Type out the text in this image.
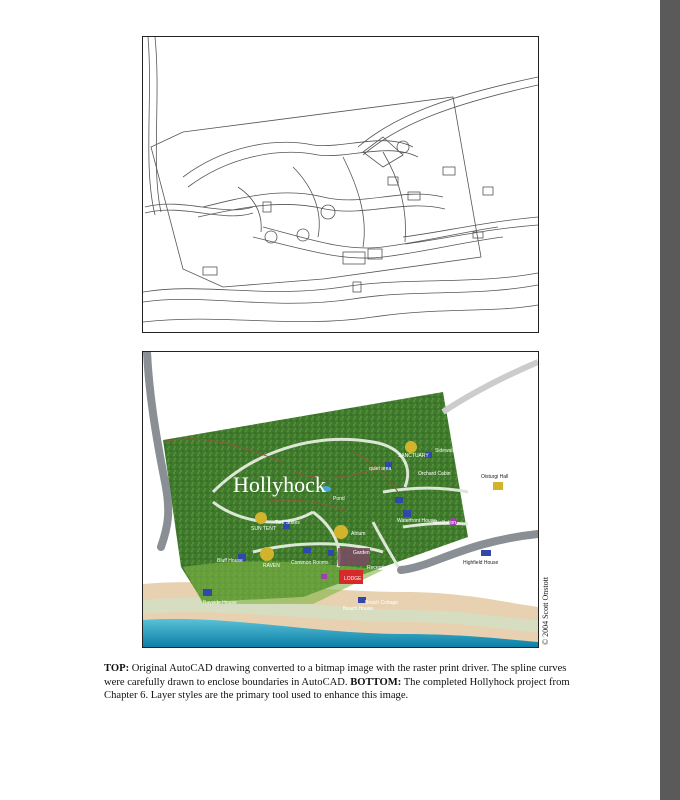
Hollyhock
SANCTUARY
quiet area
Orchard Cabin
Sidewalk Stables
Oisturgi Hall
Pond
Atrium
SUN TENT
Tent Suites	Waterfront House
Meditation
Garden
Highfield House
Bluff House
RAVEN Common Rooms
LODGE
Reception
Bayside House
Beach House
Beach Cottage	© 2004 Scott Onstott
TOP: Original AutoCAD drawing converted to a bitmap image with the raster print driver. The spline curves were carefully drawn to enclose boundaries in AutoCAD. BOTTOM: The completed Hollyhock project from Chapter 6. Layer styles are the primary tool used to enhance this image.
